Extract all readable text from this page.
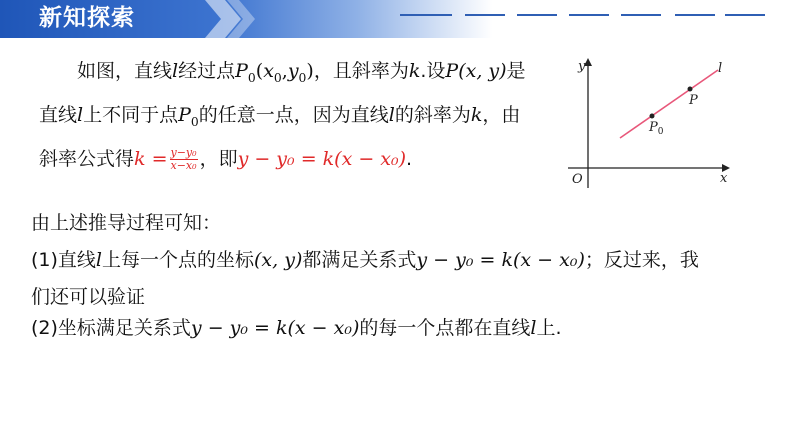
新知探索
如图，直线l经过点$P_0(x_0,y_0)$，且斜率为k.设P(x, y)是
直线l上不同于点$P_0$的任意一点，因为直线l的斜率为k，由
斜率公式得$k = \frac{\text{y−y₀}}{\text{x−x₀}}$ ，即y − y₀ = k(x − x₀).
y
x
O
l
P
$P_0$
由上述推导过程可知：
(1)直线l上每一个点的坐标(x, y)都满足关系式y − y₀ = k(x − x₀)；反过来，我
们还可以验证
(2)坐标满足关系式y − y₀ = k(x − x₀)的每一个点都在直线l上.
